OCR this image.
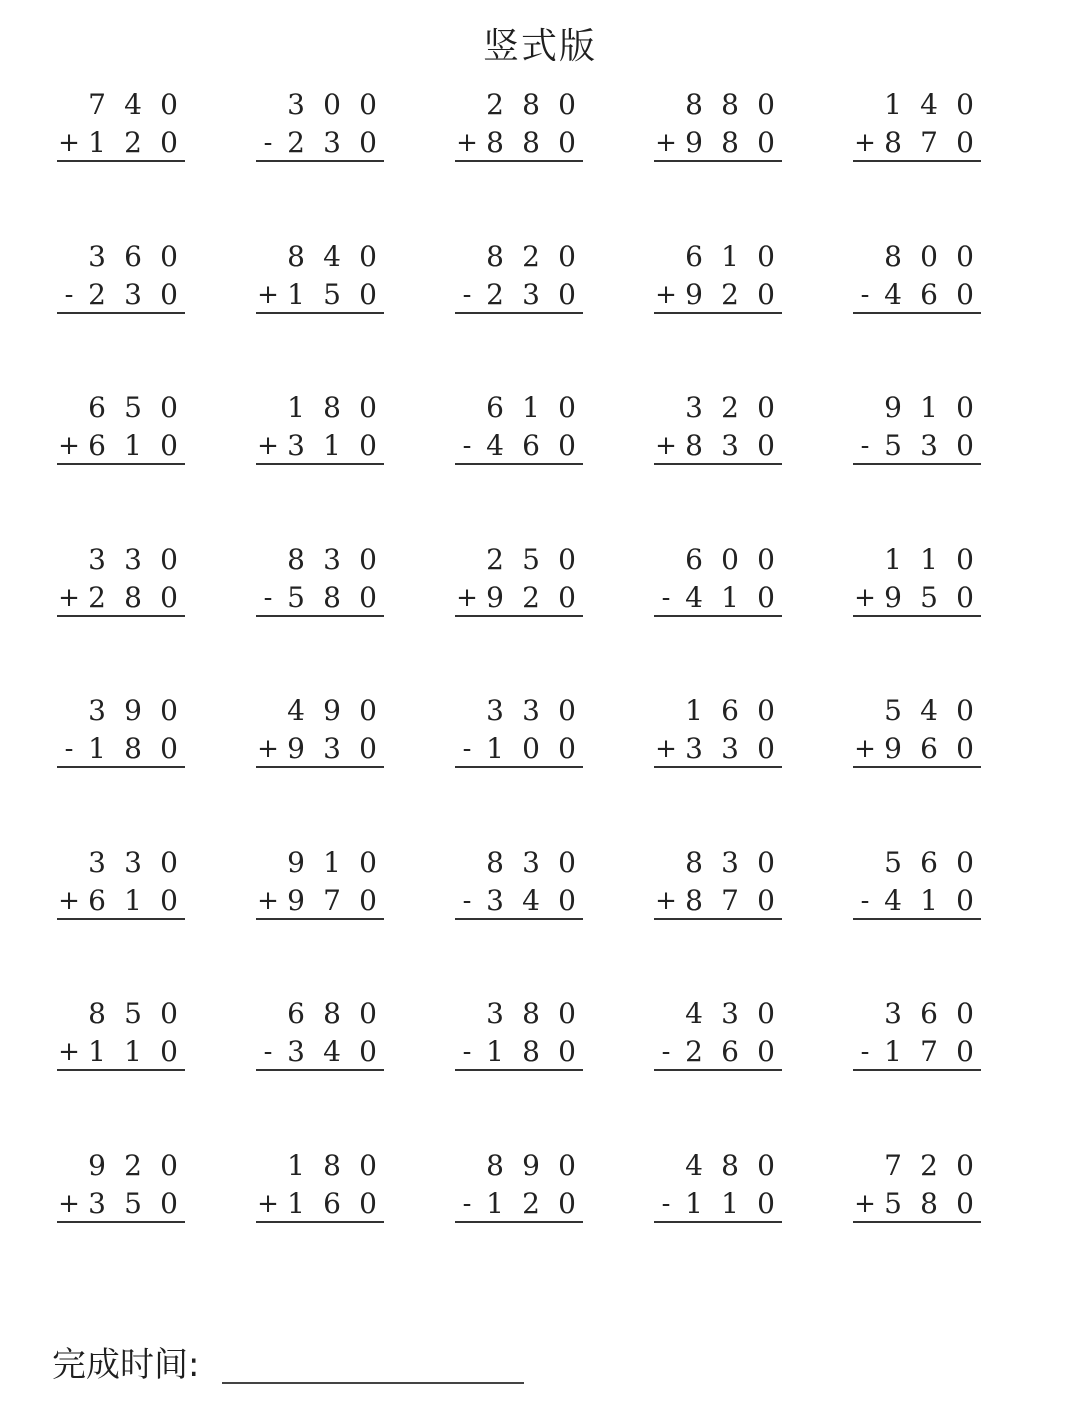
竖式版
7 4 0
+ 1 2 0
3 0 0
- 2 3 0
2 8 0
+ 8 8 0
8 8 0
+ 9 8 0
1 4 0
+ 8 7 0
3 6 0
- 2 3 0
8 4 0
+ 1 5 0
8 2 0
- 2 3 0
6 1 0
+ 9 2 0
8 0 0
- 4 6 0
6 5 0
+ 6 1 0
1 8 0
+ 3 1 0
6 1 0
- 4 6 0
3 2 0
+ 8 3 0
9 1 0
- 5 3 0
3 3 0
+ 2 8 0
8 3 0
- 5 8 0
2 5 0
+ 9 2 0
6 0 0
- 4 1 0
1 1 0
+ 9 5 0
3 9 0
- 1 8 0
4 9 0
+ 9 3 0
3 3 0
- 1 0 0
1 6 0
+ 3 3 0
5 4 0
+ 9 6 0
3 3 0
+ 6 1 0
9 1 0
+ 9 7 0
8 3 0
- 3 4 0
8 3 0
+ 8 7 0
5 6 0
- 4 1 0
8 5 0
+ 1 1 0
6 8 0
- 3 4 0
3 8 0
- 1 8 0
4 3 0
- 2 6 0
3 6 0
- 1 7 0
9 2 0
+ 3 5 0
1 8 0
+ 1 6 0
8 9 0
- 1 2 0
4 8 0
- 1 1 0
7 2 0
+ 5 8 0
完成时间:
